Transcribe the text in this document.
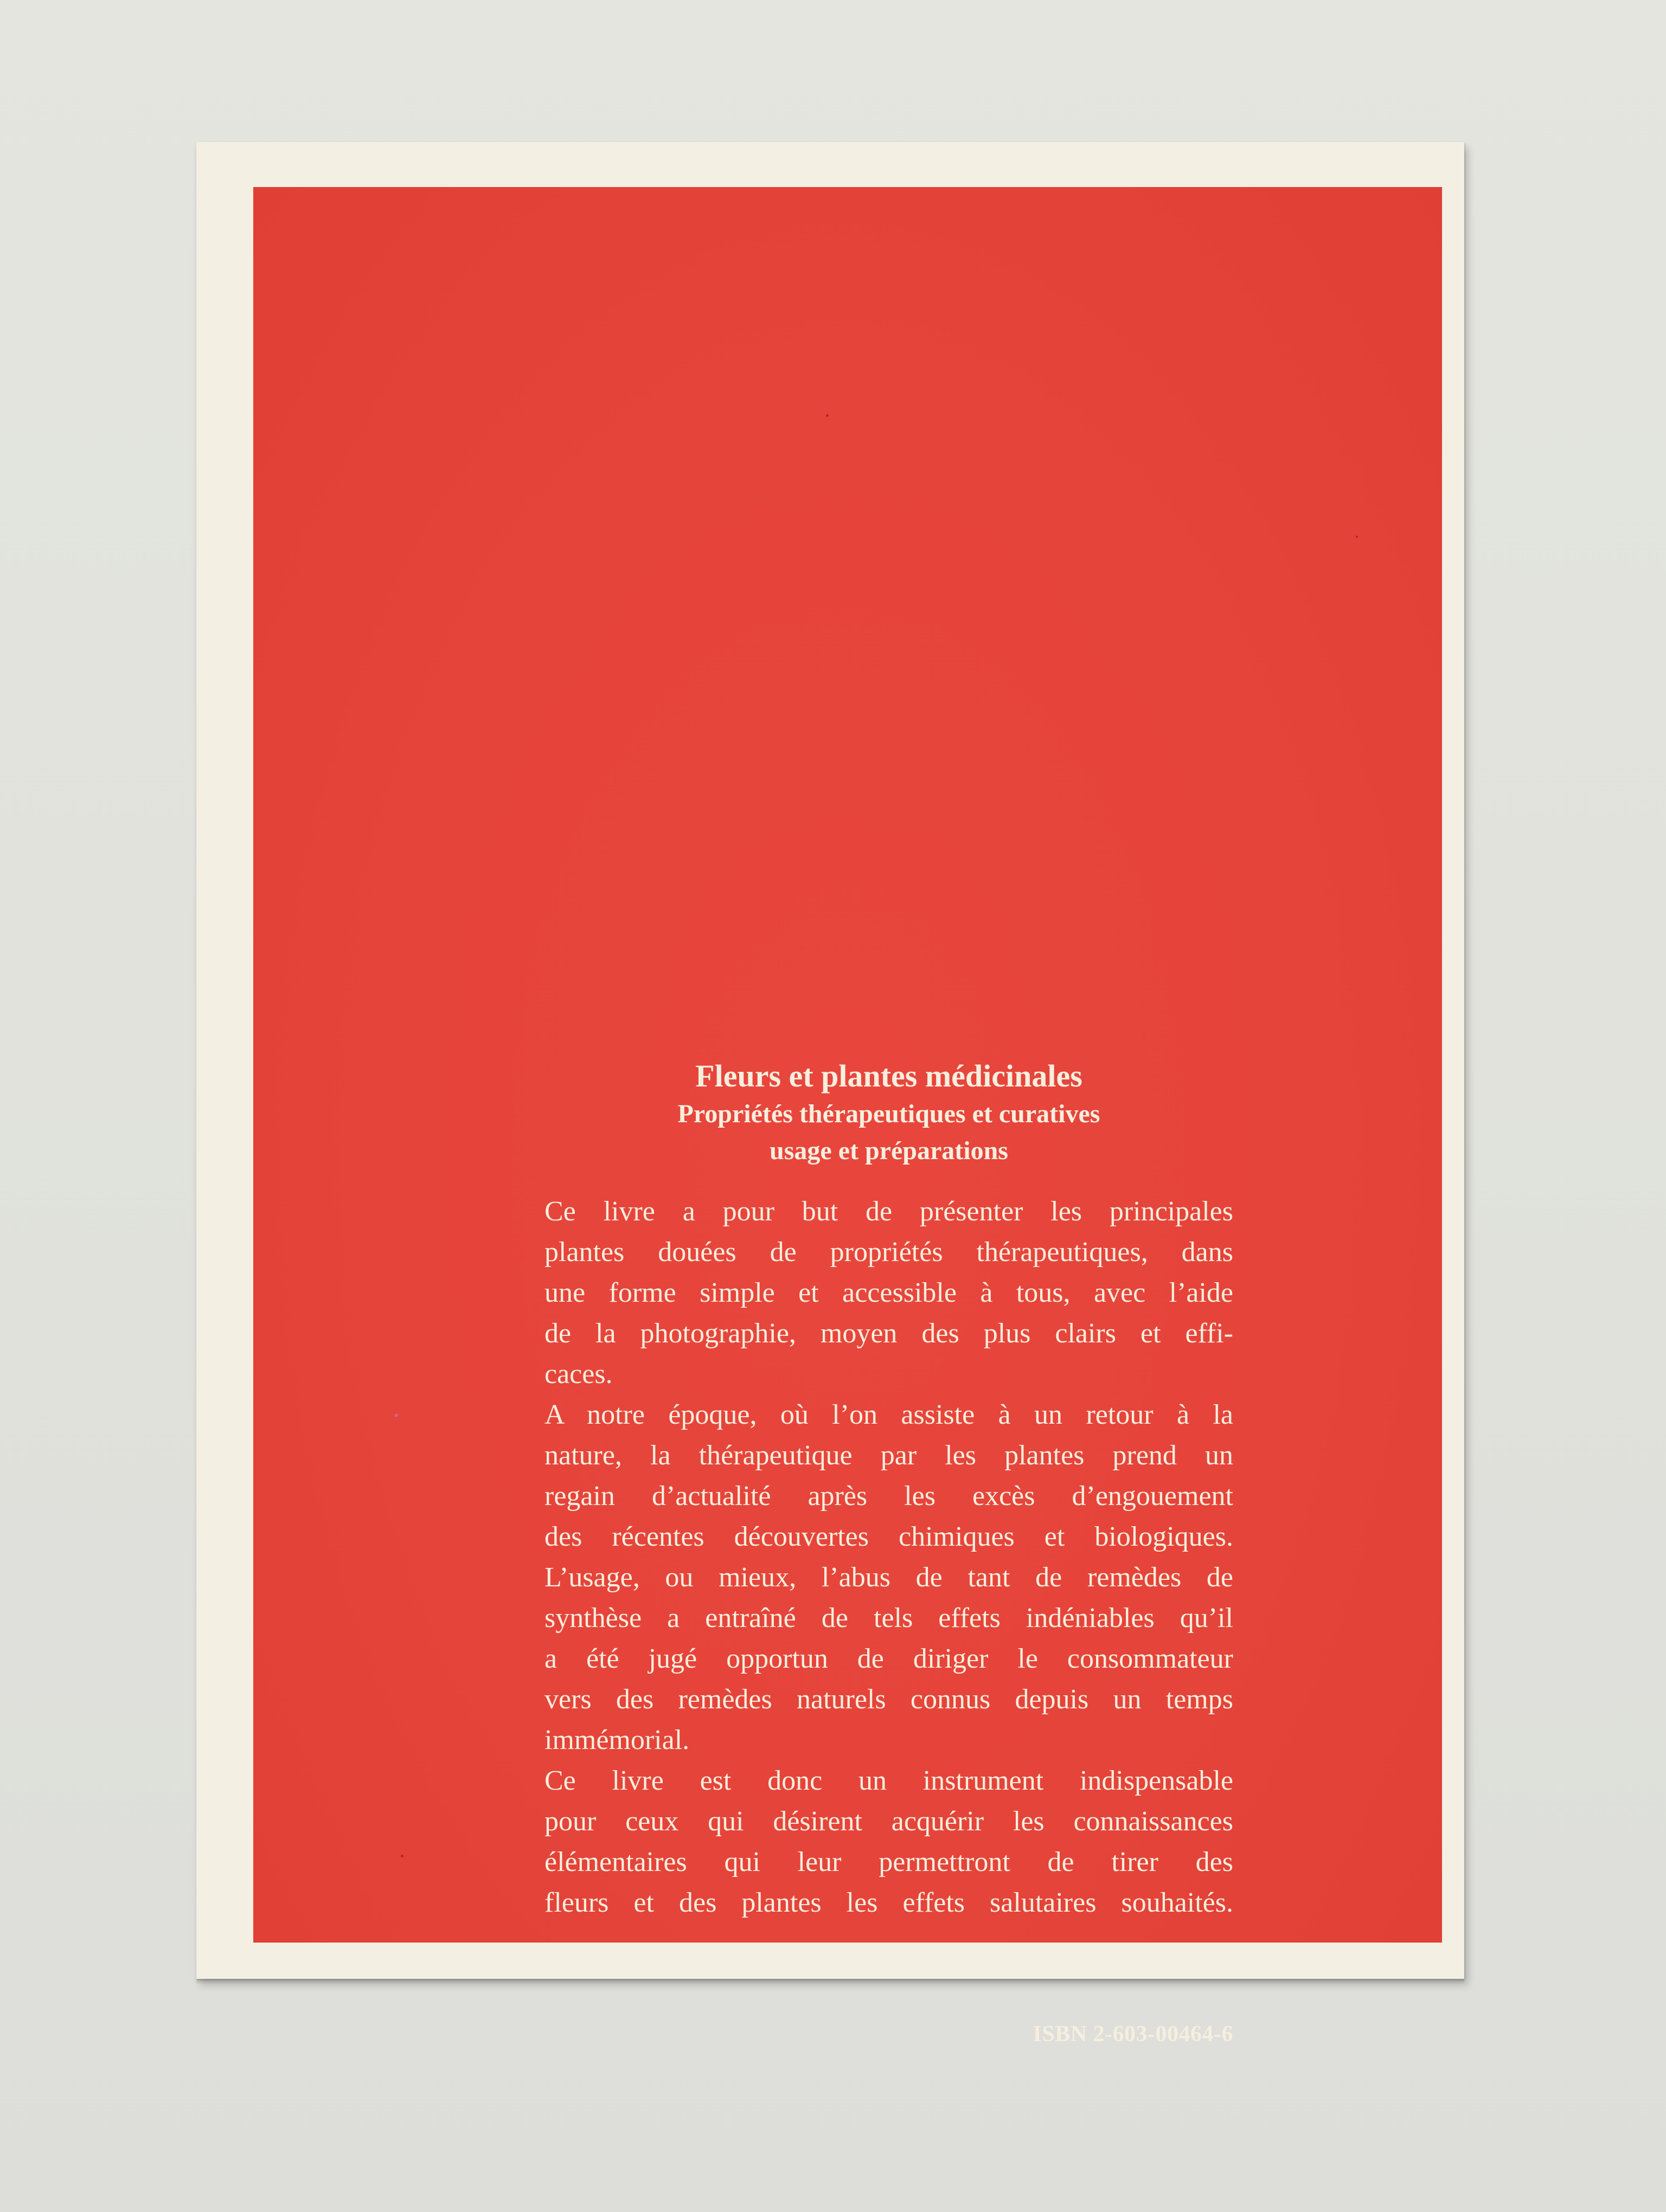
Fleurs et plantes médicinales

Propriétés thérapeutiques et curatives

usage et préparations

Ce livre a pour but de présenter les principales
plantes douées de propriétés thérapeutiques, dans
une forme simple et accessible à tous, avec l’aide
de la photographie, moyen des plus clairs et effi-
caces.

A notre époque, où l’on assiste à un retour à la
nature, la thérapeutique par les plantes prend un
regain d’actualité après les excès d’engouement
des récentes découvertes chimiques et biologiques.
L’usage, ou mieux, l’abus de tant de remèdes de
synthèse a entraîné de tels effets indéniables qu’il
a été jugé opportun de diriger le consommateur
vers des remèdes naturels connus depuis un temps
immémorial.

Ce livre est donc un instrument indispensable
pour ceux qui désirent acquérir les connaissances
élémentaires qui leur permettront de tirer des
fleurs et des plantes les effets salutaires souhaités.

ISBN 2-603-00464-6
